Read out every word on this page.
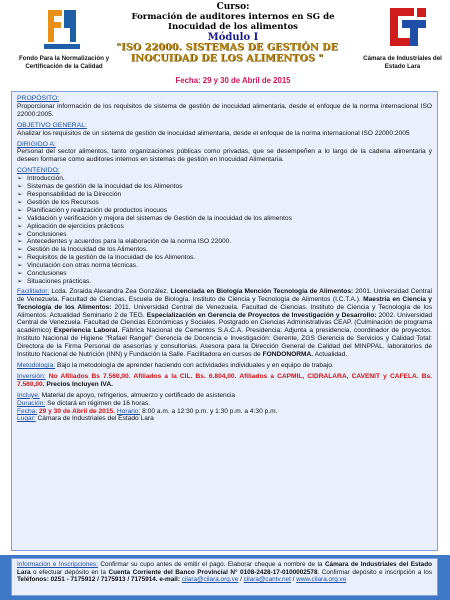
Fondo Para la Normalización y Certificación de la Calidad
Curso:
Formación de auditores internos en SG de
Inocuidad de los alimentos
Módulo I
"ISO 22000. SISTEMAS DE GESTIÓN DE INOCUIDAD DE LOS ALIMENTOS "
Fecha: 29 y 30 de Abril de 2015
Cámara de Industriales del Estado Lara
PROPÓSITO:

Proporcionar información de los requisitos de sistema de gestión de inocuidad alimentaria, desde el enfoque de la norma internacional ISO 22000:2005.

OBJETIVO GENERAL:

Analizar los requisitos de un sistema de gestión de inocuidad alimentaria, desde el enfoque de la norma internacional ISO 22000:2005

DIRIGIDO A:

Personal del sector alimentos, tanto organizaciones públicas como privadas, que se desempeñen a lo largo de la cadena alimentaria y deseen formarse como auditores internos en sistemas de gestión en Inocuidad Alimentaria.

CONTENIDO:
➢ Introducción.
➢ Sistemas de gestión de la inocuidad de los Alimentos
➢ Responsabilidad de la Dirección
➢ Gestión de los Recursos
➢ Planificación y realización de productos inocuos
➢ Validación y verificación y mejora del sistemas de Gestión de la inocuidad de los alimentos
➢ Aplicación de ejercicios prácticos
➢ Conclusiones
➢ Antecedentes y acuerdos para la elaboración de la norma ISO 22000.
➢ Gestión de la Inocuidad de los Alimentos.
➢ Requisitos de la gestión de la Inocuidad de los Alimentos.
➢ Vinculación con otras norma técnicas.
➢ Conclusiones
➢ Situaciones prácticas.

Facilitador: Lcda. Zoraida Alexandra Zea González. Licenciada en Biología Mención Tecnología de Alimentos: 2001. Universidad Central de Venezuela. Facultad de Ciencias. Escuela de Biología. Instituto de Ciencia y Tecnología de Alimentos (I.C.T.A.). Maestría en Ciencia y Tecnología de los Alimentos: 2011. Universidad Central de Venezuela. Facultad de Ciencias. Instituto de Ciencia y Tecnología de los Alimentos. Actualidad Seminario 2 de TEG. Especialización en Gerencia de Proyectos de Investigación y Desarrollo: 2002. Universidad Central de Venezuela. Facultad de Ciencias Económicas y Sociales. Postgrado en Ciencias Administrativas CEAP. (Culminación de programa académico) Experiencia Laboral. Fábrica Nacional de Cementos S.A.C.A. Presidencia: Adjunta a presidencia, coordinador de proyectos. Instituto Nacional de Higiene "Rafael Rangel" Gerencia de Docencia e Investigación: Gerente, ZGS Gerencia de Servicios y Calidad Total: Directora de la Firma Personal de asesorías y consultorías. Asesora para la Dirección General de Calidad del MINPPAL. laboratorios de Instituto Nacional de Nutrición (INN) y Fundación la Salle. Facilitadora en cursos de FONDONORMA. Actualidad.

Metodología: Bajo la metodología de aprender haciendo con actividades individuales y en equipo de trabajo.

Inversión: No Afiliados Bs 7.560,00. Afiliados a la CIL. Bs. 6.804,00. Afiliados a CAPMIL, CIDRALARA, CAVENIT y CAFELA. Bs. 7.560,00. Precios Incluyen IVA.

Incluye: Material de apoyo, refrigerios, almuerzo y certificado de asistencia

Duración: Se dictará en régimen de 16 horas.

Fecha: 29 y 30 de Abril de 2015. Horario: 8:00 a.m. a 12:30 p.m. y 1:30 p.m. a 4:30 p.m.

Lugar: Cámara de Industriales del Estado Lara

Información e Inscripciones: Confirmar su cupo antes de emitir el pago. Elaborar cheque a nombre de la Cámara de Industriales del Estado Lara o efectuar depósito en la Cuenta Corriente del Banco Provincial N° 0108-2428-17-0100002578. Confirmar depósito e inscripción a los Teléfonos: 0251 - 7175912 / 7175913 / 7175914. e-mail: cilara@cilara.org.ve / cilara@cantv.net / www.cilara.org.ve
